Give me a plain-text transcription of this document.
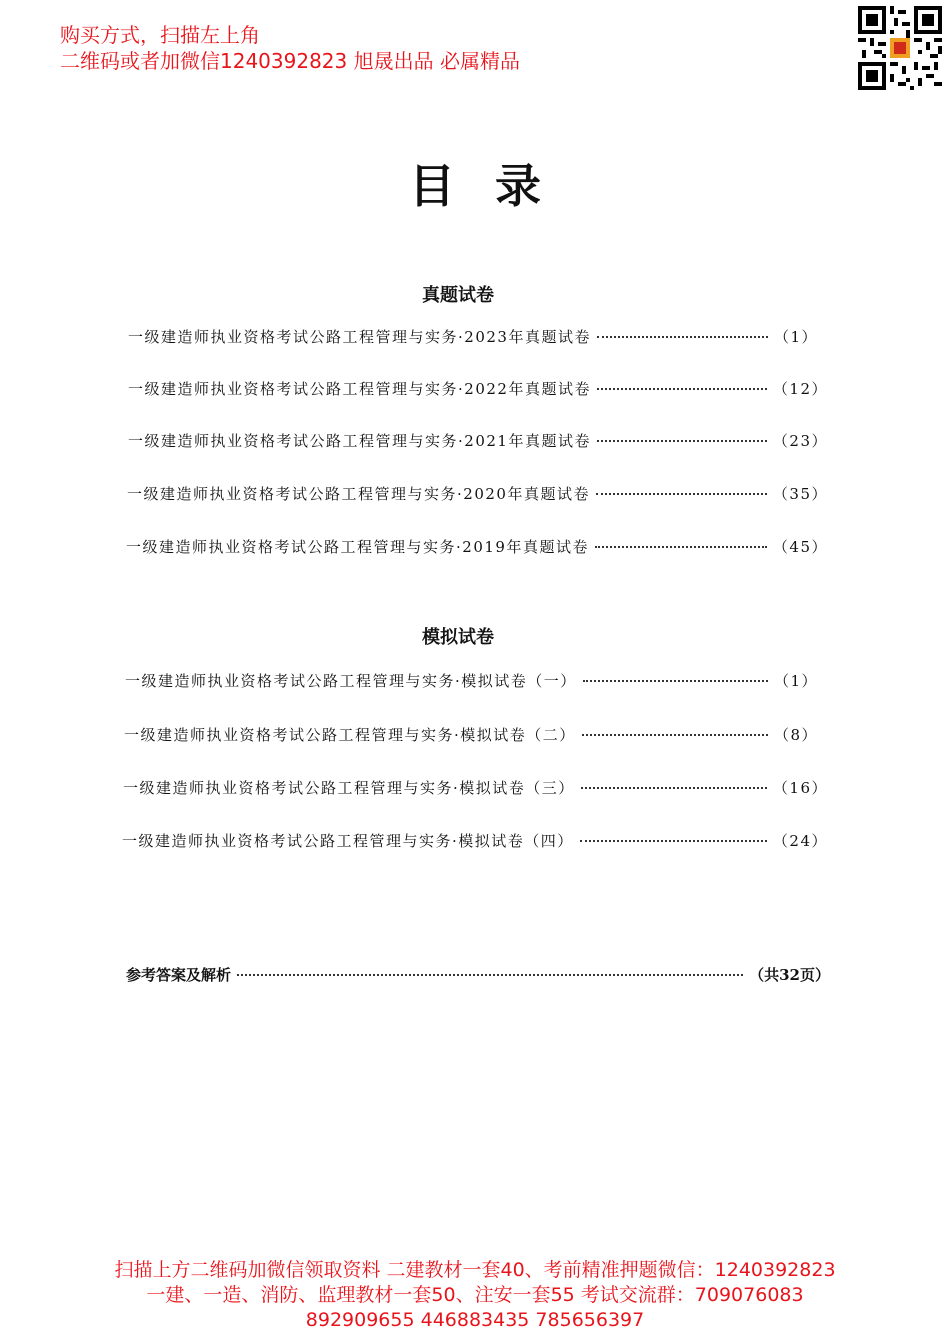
购买方式，扫描左上角
二维码或者加微信1240392823 旭晟出品 必属精品
目录
真题试卷
一级建造师执业资格考试公路工程管理与实务·2023年真题试卷	（1）
一级建造师执业资格考试公路工程管理与实务·2022年真题试卷	（12）
一级建造师执业资格考试公路工程管理与实务·2021年真题试卷	（23）
一级建造师执业资格考试公路工程管理与实务·2020年真题试卷	（35）
一级建造师执业资格考试公路工程管理与实务·2019年真题试卷	（45）
模拟试卷
一级建造师执业资格考试公路工程管理与实务·模拟试卷（一）	（1）
一级建造师执业资格考试公路工程管理与实务·模拟试卷（二）	（8）
一级建造师执业资格考试公路工程管理与实务·模拟试卷（三）	（16）
一级建造师执业资格考试公路工程管理与实务·模拟试卷（四）	（24）
参考答案及解析	（共32页）
扫描上方二维码加微信领取资料 二建教材一套40、考前精准押题微信：1240392823
一建、一造、消防、监理教材一套50、注安一套55 考试交流群：709076083
892909655 446883435 785656397
